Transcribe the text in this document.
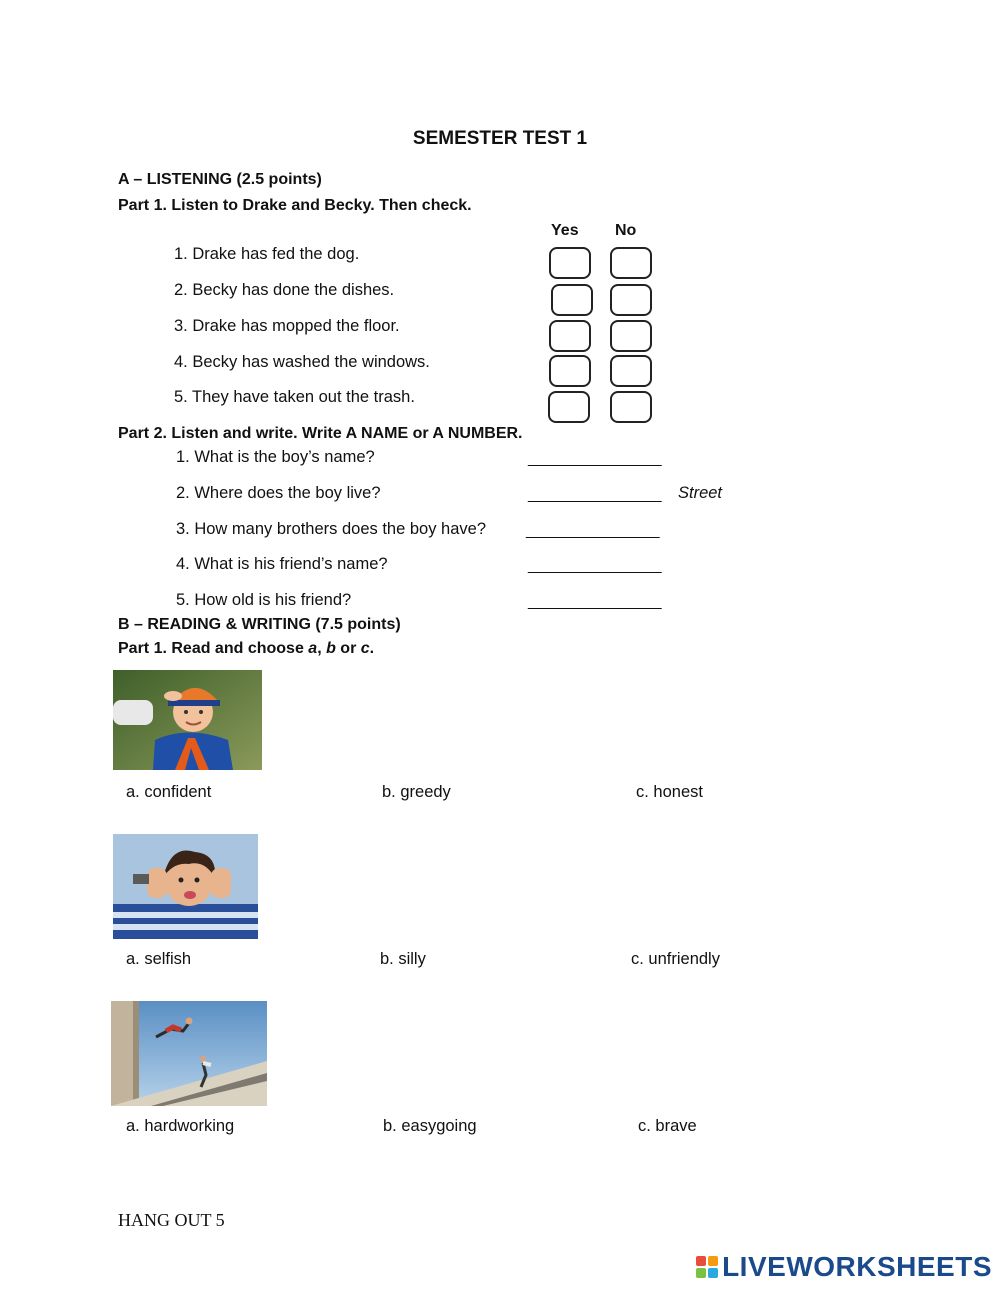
SEMESTER TEST 1
A – LISTENING (2.5 points)
Part 1. Listen to Drake and Becky. Then check.
Yes No
1. Drake has fed the dog.
2. Becky has done the dishes.
3. Drake has mopped the floor.
4. Becky has washed the windows.
5. They have taken out the trash.
Part 2. Listen and write. Write A NAME or A NUMBER.
1. What is the boy’s name?	_______________
2. Where does the boy live?	_______________ Street
3. How many brothers does the boy have? _______________
4. What is his friend’s name?	_______________
5. How old is his friend?	_______________
B – READING & WRITING (7.5 points)
Part 1. Read and choose a, b or c.
a. confident	b. greedy	c. honest
a. selfish	b. silly	c. unfriendly
a. hardworking	b. easygoing	c. brave
HANG OUT 5
LIVEWORKSHEETS
